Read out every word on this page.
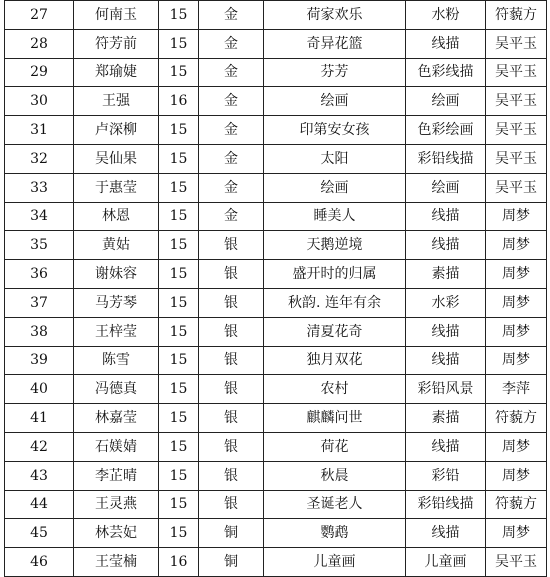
27	何南玉	15	金	荷家欢乐	水粉	符藐方
28	符芳前	15	金	奇异花篮	线描	吴平玉
29	郑瑜婕	15	金	芬芳	色彩线描	吴平玉
30	王强	16	金	绘画	绘画	吴平玉
31	卢深柳	15	金	印第安女孩	色彩绘画	吴平玉
32	吴仙果	15	金	太阳	彩铅线描	吴平玉
33	于惠莹	15	金	绘画	绘画	吴平玉
34	林恩	15	金	睡美人	线描	周梦
35	黄姑	15	银	天鹅逆境	线描	周梦
36	谢妹容	15	银	盛开时的归属	素描	周梦
37	马芳琴	15	银	秋韵. 连年有余	水彩	周梦
38	王梓莹	15	银	清夏花奇	线描	周梦
39	陈雪	15	银	独月双花	线描	周梦
40	冯德真	15	银	农村	彩铅风景	李萍
41	林嘉莹	15	银	麒麟问世	素描	符藐方
42	石媄婧	15	银	荷花	线描	周梦
43	李芷晴	15	银	秋晨	彩铅	周梦
44	王灵燕	15	银	圣诞老人	彩铅线描	符藐方
45	林芸妃	15	铜	鹦鹉	线描	周梦
46	王莹楠	16	铜	儿童画	儿童画	吴平玉
